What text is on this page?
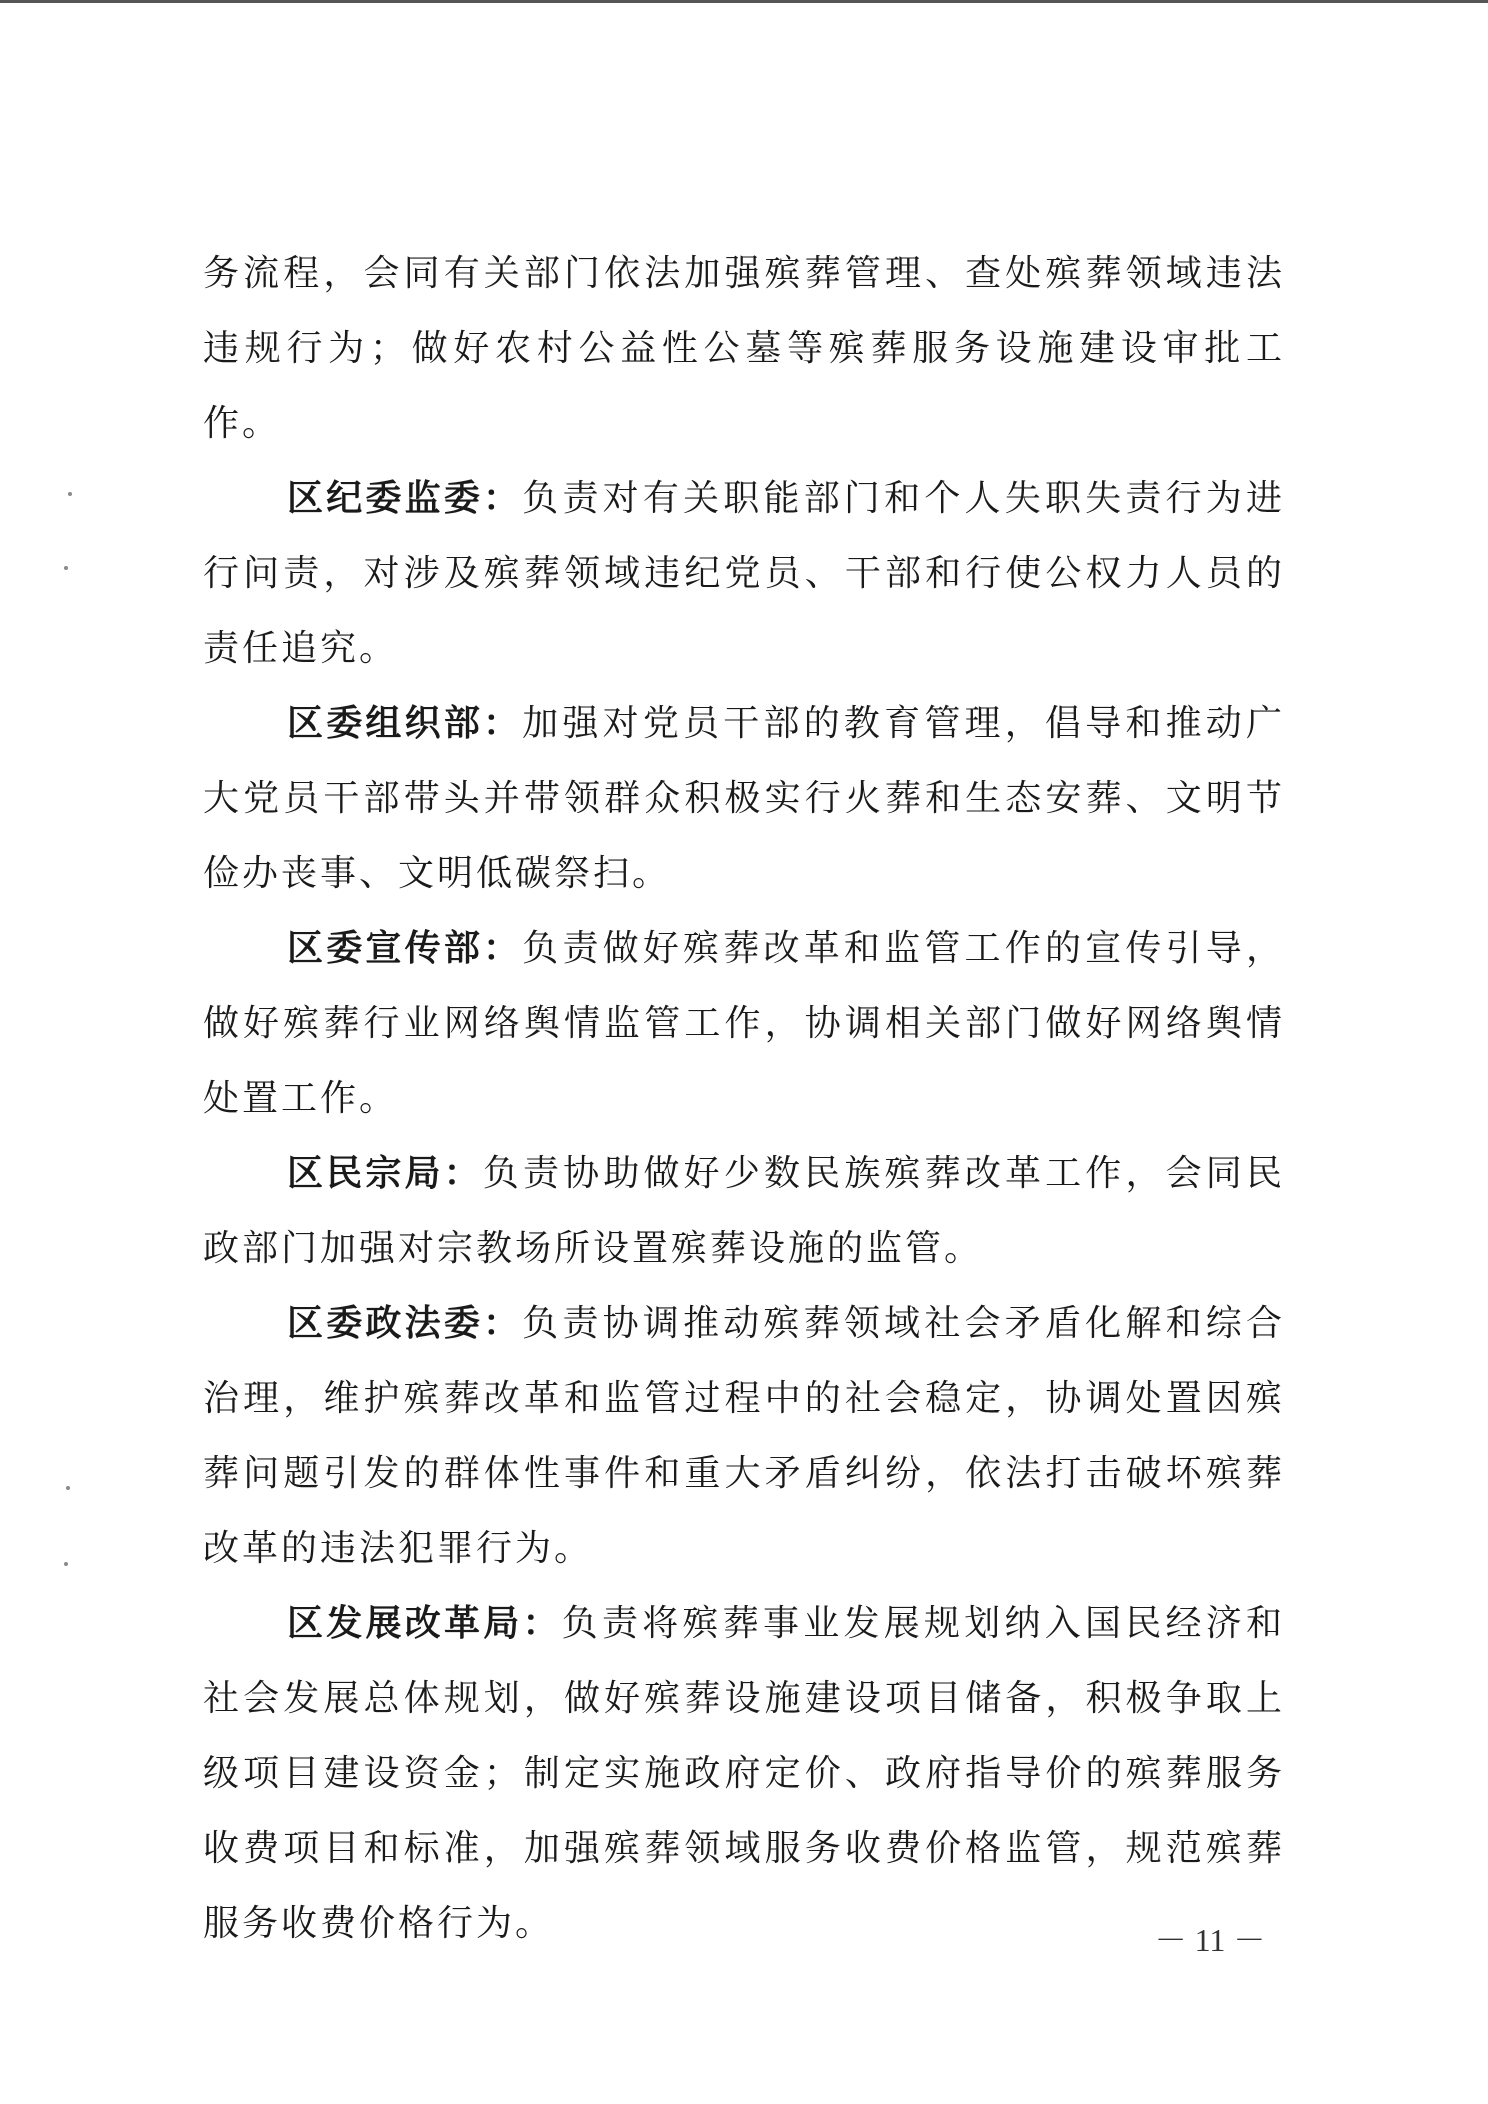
务流程，会同有关部门依法加强殡葬管理、查处殡葬领域违法违规行为；做好农村公益性公墓等殡葬服务设施建设审批工作。

区纪委监委：负责对有关职能部门和个人失职失责行为进行问责，对涉及殡葬领域违纪党员、干部和行使公权力人员的责任追究。

区委组织部：加强对党员干部的教育管理，倡导和推动广大党员干部带头并带领群众积极实行火葬和生态安葬、文明节俭办丧事、文明低碳祭扫。

区委宣传部：负责做好殡葬改革和监管工作的宣传引导，做好殡葬行业网络舆情监管工作，协调相关部门做好网络舆情处置工作。

区民宗局：负责协助做好少数民族殡葬改革工作，会同民政部门加强对宗教场所设置殡葬设施的监管。

区委政法委：负责协调推动殡葬领域社会矛盾化解和综合治理，维护殡葬改革和监管过程中的社会稳定，协调处置因殡葬问题引发的群体性事件和重大矛盾纠纷，依法打击破坏殡葬改革的违法犯罪行为。

区发展改革局：负责将殡葬事业发展规划纳入国民经济和社会发展总体规划，做好殡葬设施建设项目储备，积极争取上级项目建设资金；制定实施政府定价、政府指导价的殡葬服务收费项目和标准，加强殡葬领域服务收费价格监管，规范殡葬服务收费价格行为。	－ 11 －
